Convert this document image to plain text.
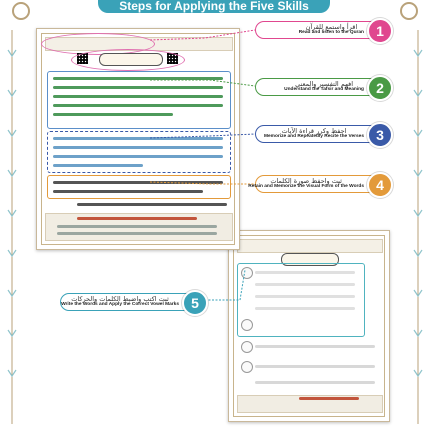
Steps for Applying the Five Skills
اقرأ واستمع للقرآن
Read and listen to the Quran 1
افهم التفسير والمعنى
Understand the Tafsir and Meaning 2
احفظ وكرر قراءة الآيات
Memorize and Repeatedly Recite the Verses 3
ثبت واحفظ صورة الكلمات
Retain and Memorize the Visual Form of the Words 4
ثبت اكتب واضبط الكلمات والحركات
Write the Words and Apply the Correct Vowel Marks 5
